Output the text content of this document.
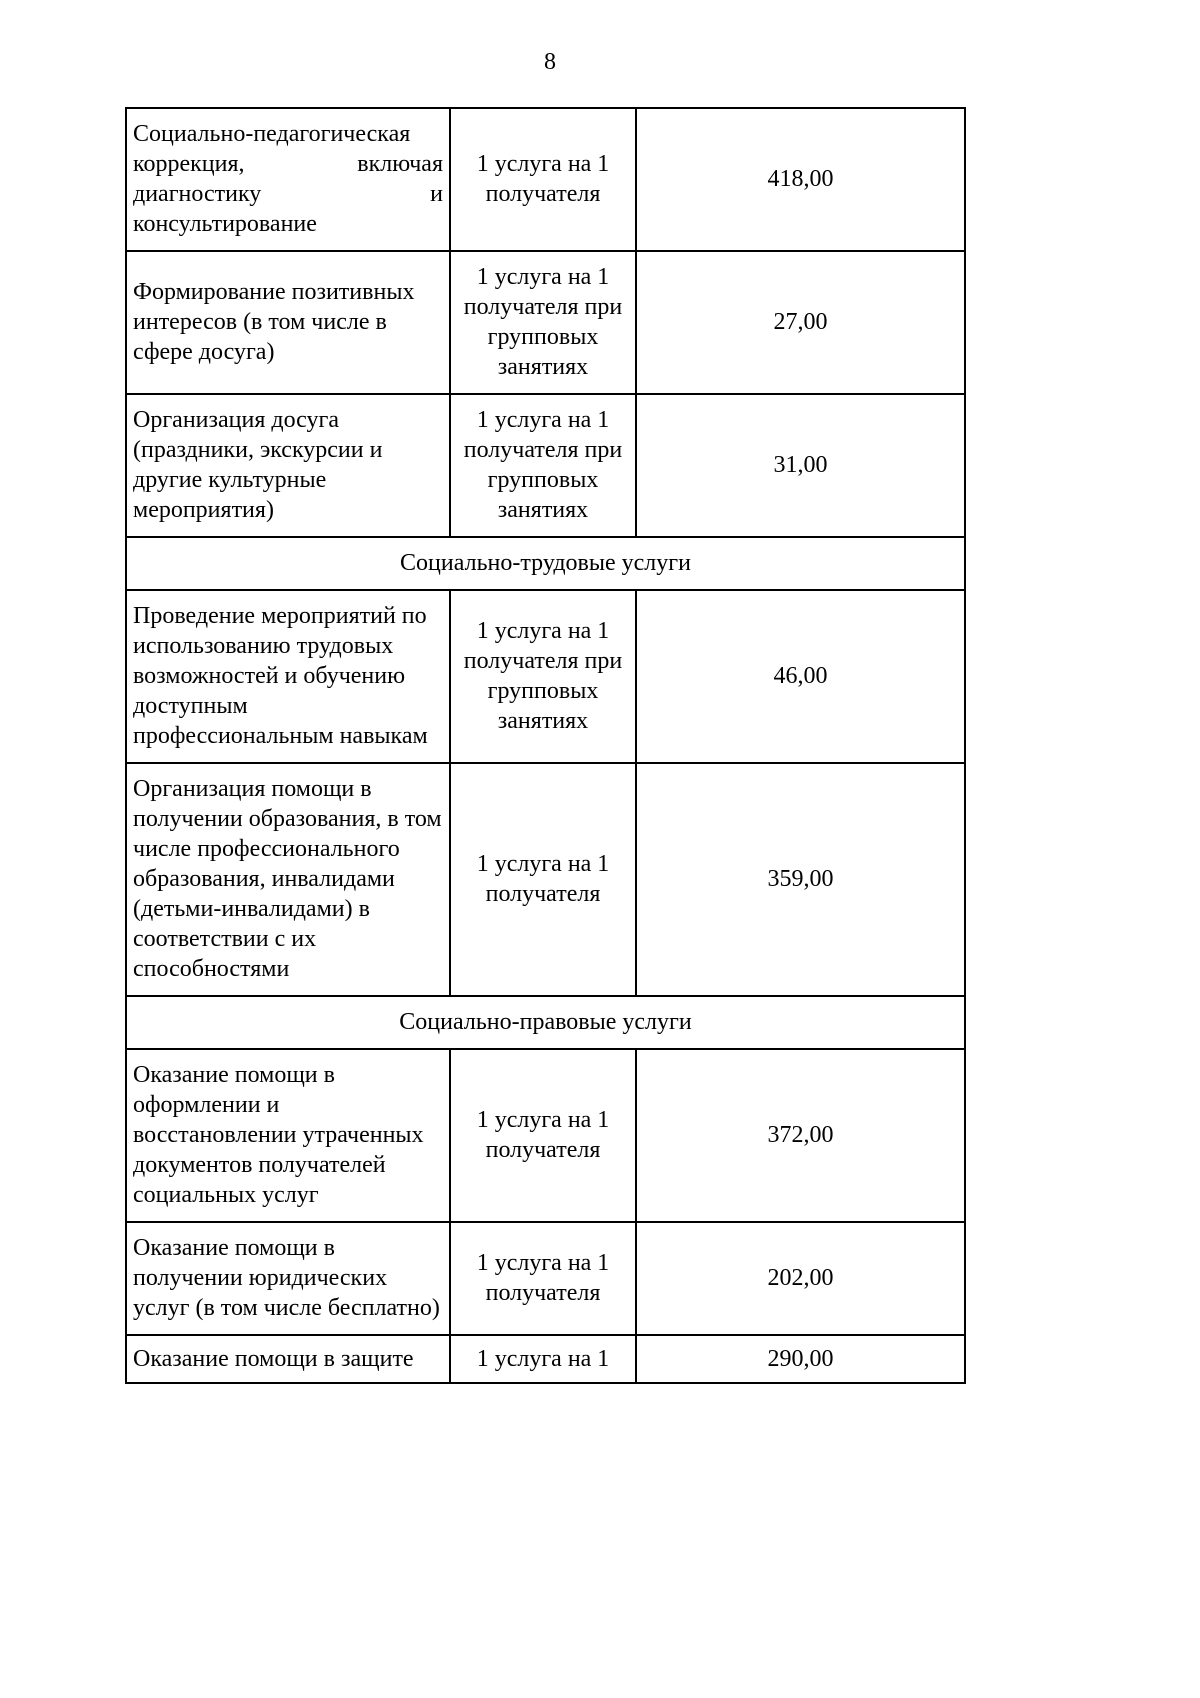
8
Социально-педагогическая коррекция, включая диагностику и консультирование	1 услуга на 1 получателя	418,00
Формирование позитивных интересов (в том числе в сфере досуга)	1 услуга на 1 получателя при групповых занятиях	27,00
Организация досуга (праздники, экскурсии и другие культурные мероприятия)	1 услуга на 1 получателя при групповых занятиях	31,00
Социально-трудовые услуги		
Проведение мероприятий по использованию трудовых возможностей и обучению доступным профессиональным навыкам	1 услуга на 1 получателя при групповых занятиях	46,00
Организация помощи в получении образования, в том числе профессионального образования, инвалидами (детьми-инвалидами) в соответствии с их способностями	1 услуга на 1 получателя	359,00
Социально-правовые услуги		
Оказание помощи в оформлении и восстановлении утраченных документов получателей социальных услуг	1 услуга на 1 получателя	372,00
Оказание помощи в получении юридических услуг (в том числе бесплатно)	1 услуга на 1 получателя	202,00
Оказание помощи в защите	1 услуга на 1	290,00
